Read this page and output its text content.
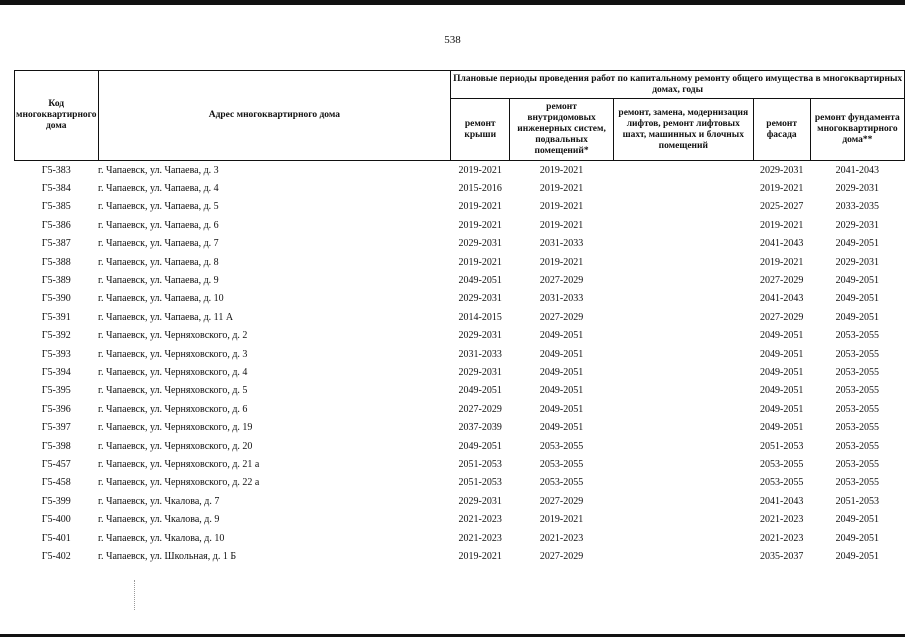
538
Код многоквартирного дома	Адрес многоквартирного дома	Плановые периоды проведения работ по капитальному ремонту общего имущества в многоквартирных домах, годы				
		ремонт крыши	ремонт внутридомовых инженерных систем, подвальных помещений*	ремонт, замена, модернизация лифтов, ремонт лифтовых шахт, машинных и блочных помещений	ремонт фасада	ремонт фундамента многоквартирного дома**
Г5-383	г. Чапаевск, ул. Чапаева, д. 3	2019-2021	2019-2021		2029-2031	2041-2043
Г5-384	г. Чапаевск, ул. Чапаева, д. 4	2015-2016	2019-2021		2019-2021	2029-2031
Г5-385	г. Чапаевск, ул. Чапаева, д. 5	2019-2021	2019-2021		2025-2027	2033-2035
Г5-386	г. Чапаевск, ул. Чапаева, д. 6	2019-2021	2019-2021		2019-2021	2029-2031
Г5-387	г. Чапаевск, ул. Чапаева, д. 7	2029-2031	2031-2033		2041-2043	2049-2051
Г5-388	г. Чапаевск, ул. Чапаева, д. 8	2019-2021	2019-2021		2019-2021	2029-2031
Г5-389	г. Чапаевск, ул. Чапаева, д. 9	2049-2051	2027-2029		2027-2029	2049-2051
Г5-390	г. Чапаевск, ул. Чапаева, д. 10	2029-2031	2031-2033		2041-2043	2049-2051
Г5-391	г. Чапаевск, ул. Чапаева, д. 11 А	2014-2015	2027-2029		2027-2029	2049-2051
Г5-392	г. Чапаевск, ул. Черняховского, д. 2	2029-2031	2049-2051		2049-2051	2053-2055
Г5-393	г. Чапаевск, ул. Черняховского, д. 3	2031-2033	2049-2051		2049-2051	2053-2055
Г5-394	г. Чапаевск, ул. Черняховского, д. 4	2029-2031	2049-2051		2049-2051	2053-2055
Г5-395	г. Чапаевск, ул. Черняховского, д. 5	2049-2051	2049-2051		2049-2051	2053-2055
Г5-396	г. Чапаевск, ул. Черняховского, д. 6	2027-2029	2049-2051		2049-2051	2053-2055
Г5-397	г. Чапаевск, ул. Черняховского, д. 19	2037-2039	2049-2051		2049-2051	2053-2055
Г5-398	г. Чапаевск, ул. Черняховского, д. 20	2049-2051	2053-2055		2051-2053	2053-2055
Г5-457	г. Чапаевск, ул. Черняховского, д. 21 а	2051-2053	2053-2055		2053-2055	2053-2055
Г5-458	г. Чапаевск, ул. Черняховского, д. 22 а	2051-2053	2053-2055		2053-2055	2053-2055
Г5-399	г. Чапаевск, ул. Чкалова, д. 7	2029-2031	2027-2029		2041-2043	2051-2053
Г5-400	г. Чапаевск, ул. Чкалова, д. 9	2021-2023	2019-2021		2021-2023	2049-2051
Г5-401	г. Чапаевск, ул. Чкалова, д. 10	2021-2023	2021-2023		2021-2023	2049-2051
Г5-402	г. Чапаевск, ул. Школьная, д. 1 Б	2019-2021	2027-2029		2035-2037	2049-2051
